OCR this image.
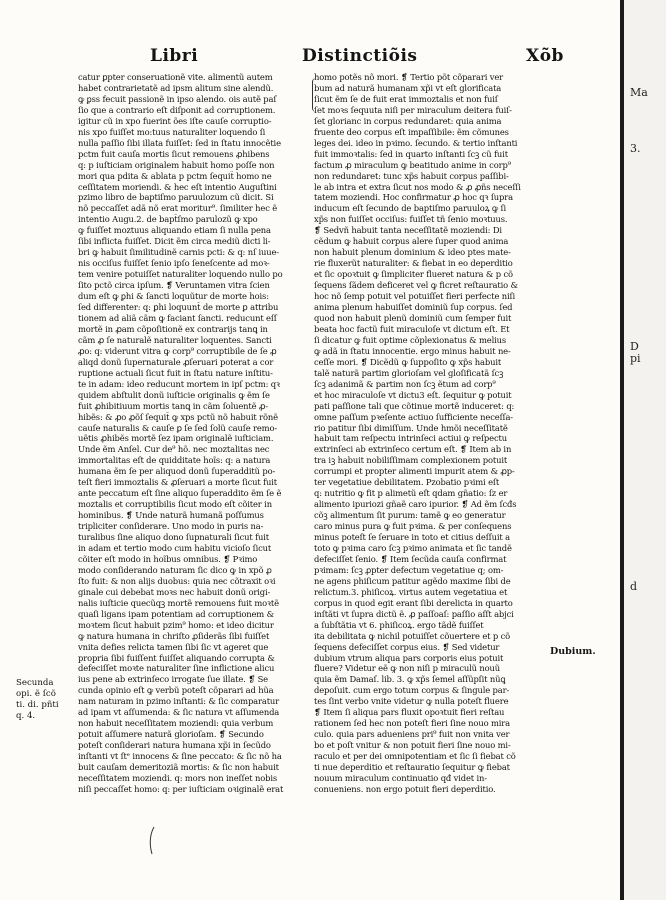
Libri	Distinctiõis	Xõb
catur ꝑpter conseruationẽ vite. alimentũ autem
habet contrarietatẽ ad ipsm alitum sine alendũ.
ꝙ ꝑss fecuit passionẽ in ipso alendo. ois autẽ paſ
ſio que a contrario eſt diſponit ad corruptionem.
igitur cũ in xpo fuerint ões iſte cauſe corruptio-
nis xpo fuiſſet mo:tuus naturaliter loquendo ſi
nulla paſſio ſibi illata fuiſſet: ſed in ſtatu innocẽtie
pctm fuit cauſa mortis ſicut remouens ꝓhibens
q: p iuſticiam originalem habuit homo poſſe non
mori qua pdita & ablata p pctm ſequit̃ homo ne
ceſſitatem moriendi. & hec eſt intentio Auguſtini
pzimo libro de baptiſmo paruulozum cũ dicit. Si
nõ peccaſſet adã nõ erat moritur⁹. ſimiliter hec ẽ
intentio Augu.2. de bapt̃ſmo parulozũ ꝙ xpo
ꝙ fuiſſet moztuus aliquando etiam ſi nulla pena
ſibi inflicta fuiſſet. Dicit ẽm circa mediũ dicti li-
bri ꝙ habuit ſimilitudinẽ carnis pcti: & q: nſ iuue-
nis occiſus fuiſſet ſenio ipſo ſeneſcente ad moꝛ-
tem venire potuiſſet naturaliter loquendo nullo po
ſito pctõ circa ipſum. ❡ Veruntamen vitra ſcien
dum eſt ꝙ ꝑhi & ſancti loquũtur de morte hois:
ſed differenter: q: ꝑhi loquunt̃ de morte ꝑ attribu
tionem ad aliã cãm ꝙ faciant ſancti. reducunt eſſ
mortẽ in ꝓam cõpoſitionẽ ex contrarijs tanꝗ in
cãm ꝓ ſe naturalẽ naturaliter loquentes. Sancti
ꝓo: q: viderunt vitra ꝙ corp⁹ corruptibile de ſe ꝓ
aliqd donũ ſupernaturale ꝓſeruari poterat a cor
ruptione actuali ſicut fuit in ſtatu nature inſtitu-
te in adam: ideo reducunt mortem in ipſ pctm: qꝛ
quidem abſtulit donũ iuſticie originalis ꝙ ẽm ſe
fuit ꝓhibitiuum mortis tanꝗ in cãm ſoluentẽ ꝓ-
hibẽs: & ꝓo ꝓõſ ſequit̃ ꝙ xps pctũ nõ habuit rõnẽ
cauſe naturalis & cauſe ꝑ ſe ſed ſolũ cauſe remo-
uẽtis ꝓhibẽs mortẽ ſez ipam originalẽ iuſticiam.
Unde ẽm Anſel. Cur de⁹ hõ. nec moztalitas nec
immortalitas eſt de quidditate hoĩs: q: a natura
humana ẽm ſe per aliquod donũ ſuperadditũ po-
teſt fieri immoztalis & ꝓſeruari a morte ſicut fuit
ante peccatum eſt ſine aliquo ſuperaddito ẽm ſe ẽ
moztalis et corruptibilis ſicut modo eſt cõiter in
hominibus. ❡ Unde naturã humanã poſſumus
tripliciter conſiderare. Uno modo in puris na-
turalibus ſine aliquo dono ſupnaturali ſicut fuit
in adam et tertio modo cum habitu vicioſo ſicut
cõiter eſt modo in hoĩbus omnibus. ❡ Pꝛimo
modo conſiderando naturam ſic dico ꝙ in xpõ ꝓ
ſto fuit: & non alijs duobus: quia nec cõtraxit oꝛi
ginale cui debebat moꝛs nec habuit donũ origi-
nalis iuſticie quecũqꝫ mortẽ remouens fuit moꝛtẽ
quaſi ligans ipam potentiam ad corruptionem &
moꝛtem ſicut habuit pzim⁹ homo: et ideo dicitur
ꝙ natura humana in chriſto ꝓſiderãs ſibi fuiſſet
vnita defies relicta tamen ſibi ſic vt ageret que
propria ſibi fuiſſent fuiſſet aliquando corrupta &
defeciſſet moꝛte naturaliter ſine inflictione alicu
ius pene ab extrinſeco irrogate ſue illate. ❡ Se
cunda opinio eſt ꝙ verbũ poteſt cõparari ad hũa
nam naturam in pzimo inſtanti: & ſic comparatur
ad ipam vt aſſumenda: & ſic natura vt aſſumenda
non habuit neceſſitatem moziendi: quia verbum
potuit aſſumere naturã glorioſam. ❡ Secundo
poteſt conſiderari natura humana xp̃i in ſecũdo
inſtanti vt ſtᵉ innocens & ſine peccato: & ſic nõ ha
buit cauſam demeritoziã mortis: & ſic non habuit
neceſſitatem moziendi. q: mors non ineſſet nobis
niſi peccaſſet homo: q: per iuſticiam oꝛiginalẽ erat
homo potẽs nõ mori. ❡ Tertio põt cõparari ver
bum ad naturã humanam xp̃i vt eſt glorificata
ſicut ẽm ſe de fuit erat immoztalis et non fuiſ
ſet moꝛs ſequuta niſi per miraculum deitera fuiſ-
ſet glorianc in corpus redundaret: quia anima
fruente deo corpus eſt impaſſibile: ẽm cõmunes
leges dei. ideo in pꝛimo. ſecundo. & tertio inſtanti
fuit immoꝛtalis: ſed in quarto inſtanti ſcꝫ cũ fuit
factum ꝓ miraculum ꝙ beatitudo anime in corp⁹
non redundaret: tunc xp̃s habuit corpus paſſibi-
le ab intra et extra ſicut nos modo & ꝓ ꝓñs neceſſi
tatem moziendi. Hoc confirmatur ꝓ hoc qꝛ ſupra
inducum eſt ſecundo de baptiſmo paruuloꝝ ꝙ ſi
xp̃s non fuiſſet occiſus: fuiſſet tñ ſenio moꝛtuus.
❡ Sedvñ habuit tanta neceſſitatẽ moziendi: Di
cẽdum ꝙ habuit corpus alere ſuper quod anima
non habuit plenum dominium & ideo ptes mate-
rie fluxerũt naturaliter: & fiebat in eo deperditio
et ſic opoꝛtuit ꝙ ſimpliciter flueret natura & p cõ
ſequens ſãdem deficeret vel ꝙ ficret reſtauratio &
hoc nõ ſemp potuit vel potuiſſet fieri perfecte niſi
anima plenum habuiſſet dominiũ ſup corpus. ſed
quod non habuit plenũ dominiũ cum ſemper fuit
beata hoc factũ fuit miraculoſe vt dictum eſt. Et
ſi dicatur ꝙ fuit optime cõplexionatus & melius
ꝙ adã in ſtatu innocentie. ergo minus habuit ne-
ceſſe mori. ❡ Dicẽdũ ꝙ ſuppoſito ꝙ xp̃s habuit
talẽ naturã partim glorioſam vel gloſificatã ſcꝫ
ſcꝫ adanimã & partim non ſcꝫ ẽtum ad corp⁹
et hoc miraculoſe vt dictu3 eſt. ſequitur ꝙ potuit
pati paſſione tali que cõtinue mortẽ induceret: q:
omne paſſum pꝛeſente actiuo ſufficiente neceſſa-
rio patitur ſibi dimiſſum. Unde hmõi neceſſitatẽ
habuit tam reſpectu intrinſeci actiui ꝙ reſpectu
extrinſeci ab extrinſeco certum eſt. ❡ Item ab in
tra iꝫ habuit nobiliſſimam complexionem potuit
corrumpi et propter alimenti impurit atem & ꝓp-
ter vegetatiue debilitatem. Pzobatio pꝛimi eſt
q: nutritio ꝙ fit p alimetũ eſt qdam gñatio: ſz er
alimento ipuriozi gñaẽ caro ipurior. ❡ Ad ẽm ſcđs
cõꝫ alimentum ſit purum: tamẽ ꝙ eo generatur
caro minus pura ꝙ fuit pꝛima. & per conſequens
minus poteſt ſe ſeruare in toto et citius deſſuit a
toto ꝙ pꝛima caro ſcꝫ pꝛimo animata et ſic tandẽ
defeciſſet ſenio. ❡ Item ſecũda cauſa confirmat
pꝛimam: ſcꝫ ꝓpter defectum vegetatiue q; om-
ne agens phiſicum patitur agẽdo maxime ſibi de
relictum.3. phiſicoꝝ. virtus autem vegetatiua et
corpus in quod egit erant ſibi derelicta in quarto
inſtãti vt ſupra dictũ ẽ. ꝓ paſſoaſ: paſſio aſſt abjci
a ſubſtãtia vt 6. phiſicoꝝ. ergo tãdẽ fuiſſet
ita debilitata ꝙ nichil potuiſſet cõuertere et p cõ
ſequens defeciſſet corpus eius. ❡ Sed videtur
dubium vtrum aliqua pars corporis eius potuit
fluere? Videtur eẽ ꝙ non niſi p miraculũ nouũ
quia ẽm Damaſ. lib. 3. ꝙ xp̃s ſemel aſſũpſit nũꝗ
depoſuit. cum ergo totum corpus & ſingule par-
tes ſint verbo vnite videtur ꝙ nulla poteſt fluere
❡ Item ſi aliqua pars fluxit opoꝛtuit fieri reſtau
rationem ſed hec non poteſt fieri ſine nouo mira
culo. quia pars adueniens pri⁹ fuit non vnita ver
bo et poſt vnitur & non potuit fieri ſine nouo mi-
raculo et per dei omnipotentiam et ſic ſi fiebat cõ
ti nue deperditio et reſtauratio ſequitur ꝙ fiebat
nouum miraculum continuatio qđ videt in-
conueniens. non ergo potuit fieri deperditio.
Secunda
opi. ẽ ſcõ
ti. di. pñti
q. 4.
Dubium.
Ma
3.
D
pi
d
